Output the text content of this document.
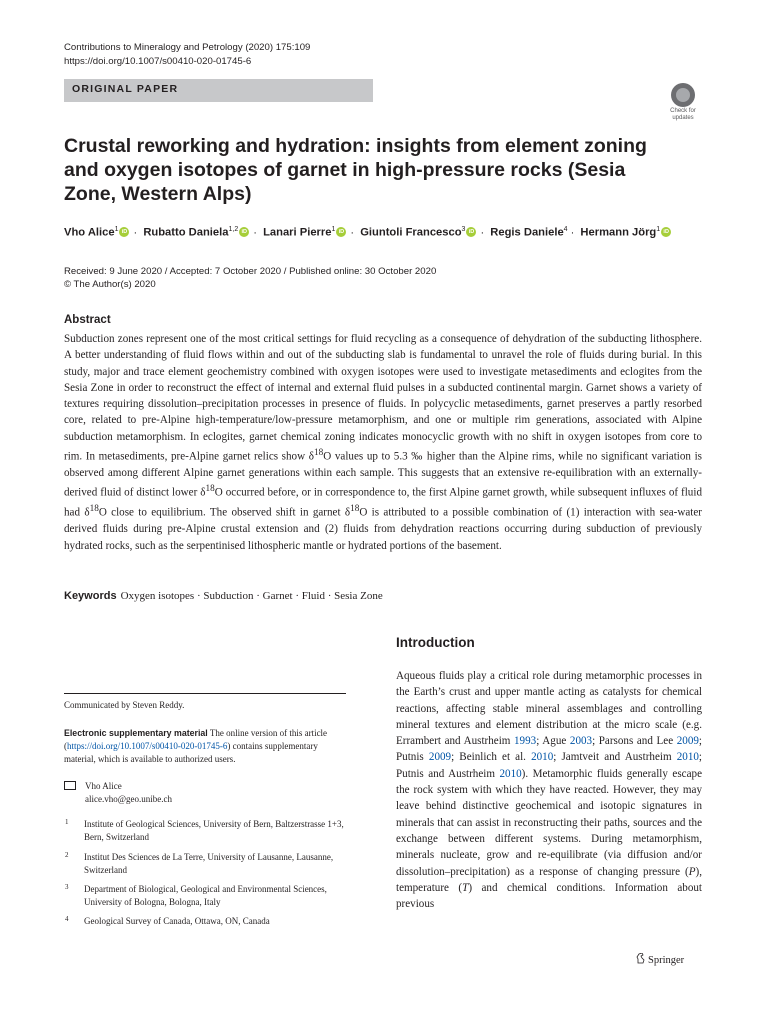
Contributions to Mineralogy and Petrology (2020) 175:109
https://doi.org/10.1007/s00410-020-01745-6
ORIGINAL PAPER
Check for
updates
Crustal reworking and hydration: insights from element zoning and oxygen isotopes of garnet in high-pressure rocks (Sesia Zone, Western Alps)
Vho Alice$^1$ iD · Rubatto Daniela$^{1,2}$ iD · Lanari Pierre$^1$ iD · Giuntoli Francesco$^3$ iD · Regis Daniele$^4$ · Hermann Jörg$^1$iD
Received: 9 June 2020 / Accepted: 7 October 2020 / Published online: 30 October 2020
© The Author(s) 2020
Abstract
Subduction zones represent one of the most critical settings for fluid recycling as a consequence of dehydration of the subducting lithosphere. A better understanding of fluid flows within and out of the subducting slab is fundamental to unravel the role of fluids during burial. In this study, major and trace element geochemistry combined with oxygen isotopes were used to investigate metasediments and eclogites from the Sesia Zone in order to reconstruct the effect of internal and external fluid pulses in a subducted continental margin. Garnet shows a variety of textures requiring dissolution–precipitation processes in presence of fluids. In polycyclic metasediments, garnet preserves a partly resorbed core, related to pre-Alpine high-temperature/low-pressure metamorphism, and one or multiple rim generations, associated with Alpine subduction metamorphism. In eclogites, garnet chemical zoning indicates monocyclic growth with no shift in oxygen isotopes from core to rim. In metasediments, pre-Alpine garnet relics show $\delta^{18}O$ values up to 5.3 ‰ higher than the Alpine rims, while no significant variation is observed among different Alpine garnet generations within each sample. This suggests that an extensive re-equilibration with an externally-derived fluid of distinct lower $\delta^{18}O$ occurred before, or in correspondence to, the first Alpine garnet growth, while subsequent influxes of fluid had $\delta^{18}O$ close to equilibrium. The observed shift in garnet $\delta^{18}O$ is attributed to a possible combination of (1) interaction with sea-water derived fluids during pre-Alpine crustal extension and (2) fluids from dehydration reactions occurring during subduction of previously hydrated rocks, such as the serpentinised lithospheric mantle or hydrated portions of the basement.
Keywords Oxygen isotopes · Subduction · Garnet · Fluid · Sesia Zone
Introduction
Aqueous fluids play a critical role during metamorphic processes in the Earth’s crust and upper mantle acting as catalysts for chemical reactions, affecting stable mineral assemblages and controlling mineral textures and element distribution at the micro scale (e.g. Errambert and Austrheim 1993; Ague 2003; Parsons and Lee 2009; Putnis 2009; Beinlich et al. 2010; Jamtveit and Austrheim 2010; Putnis and Austrheim 2010). Metamorphic fluids generally escape the rock system with which they have reacted. However, they may leave behind distinctive geochemical and isotopic signatures in minerals that can assist in reconstructing their paths, sources and the exchange between different systems. During metamorphism, minerals nucleate, grow and re-equilibrate (via diffusion and/or dissolution–precipitation) as a response of changing pressure (P), temperature (T) and chemical conditions. Information about previous
Communicated by Steven Reddy.
Electronic supplementary material The online version of this article (https://doi.org/10.1007/s00410-020-01745-6) contains supplementary material, which is available to authorized users.
Vho Alice
alice.vho@geo.unibe.ch
1 Institute of Geological Sciences, University of Bern, Baltzerstrasse 1+3, Bern, Switzerland
2 Institut Des Sciences de La Terre, University of Lausanne, Lausanne, Switzerland
3 Department of Biological, Geological and Environmental Sciences, University of Bologna, Bologna, Italy
4 Geological Survey of Canada, Ottawa, ON, Canada
Springer
